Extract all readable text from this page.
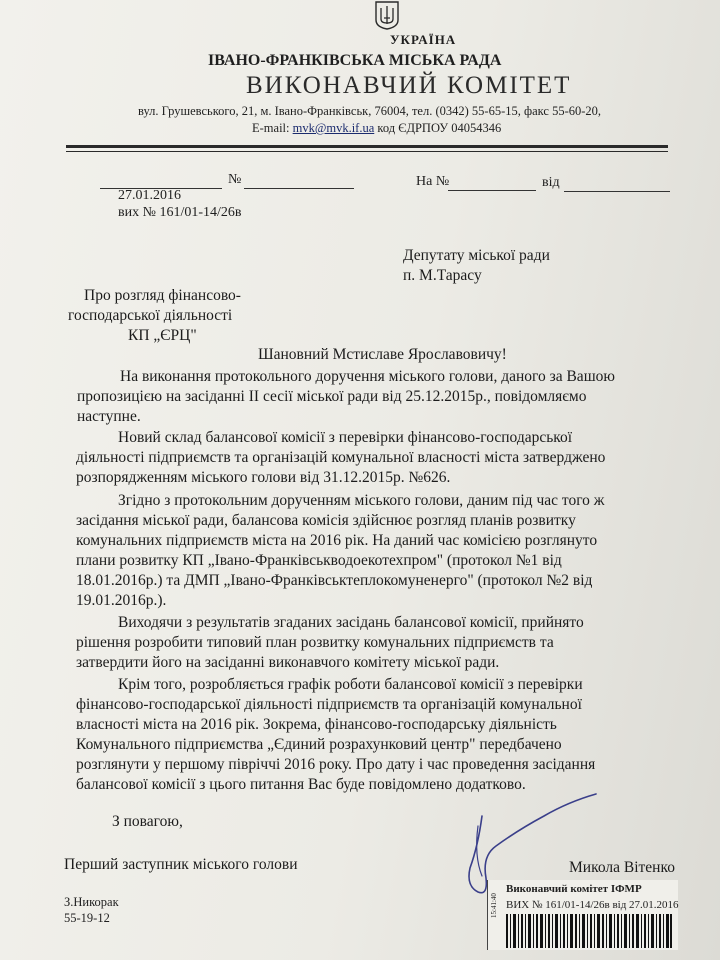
УКРАЇНА
ІВАНО-ФРАНКІВСЬКА МІСЬКА РАДА
ВИКОНАВЧИЙ КОМІТЕТ
вул. Грушевського, 21, м. Івано-Франківськ, 76004, тел. (0342) 55-65-15, факс 55-60-20,
E-mail: mvk@mvk.if.ua код ЄДРПОУ 04054346
№	На №	від
27.01.2016
вих № 161/01-14/26в
Депутату міської ради
п. М.Тарасу
Про розгляд фінансово-
господарської діяльності
КП „ЄРЦ"
Шановний Мстиславе Ярославовичу!
На виконання протокольного доручення міського голови, даного за Вашою
пропозицією на засіданні ІІ сесії міської ради від 25.12.2015р., повідомляємо
наступне.
Новий склад балансової комісії з перевірки фінансово-господарської
діяльності підприємств та організацій комунальної власності міста затверджено
розпорядженням міського голови від 31.12.2015р. №626.
Згідно з протокольним дорученням міського голови, даним під час того ж
засідання міської ради, балансова комісія здійснює розгляд планів розвитку
комунальних підприємств міста на 2016 рік. На даний час комісією розглянуто
плани розвитку КП „Івано-Франківськводоекотехпром" (протокол №1 від
18.01.2016р.) та ДМП „Івано-Франківськтеплокомуненерго" (протокол №2 від
19.01.2016р.).
Виходячи з результатів згаданих засідань балансової комісії, прийнято
рішення розробити типовий план розвитку комунальних підприємств та
затвердити його на засіданні виконавчого комітету міської ради.
Крім того, розробляється графік роботи балансової комісії з перевірки
фінансово-господарської діяльності підприємств та організацій комунальної
власності міста на 2016 рік. Зокрема, фінансово-господарську діяльність
Комунального підприємства „Єдиний розрахунковий центр" передбачено
розглянути у першому півріччі 2016 року. Про дату і час проведення засідання
балансової комісії з цього питання Вас буде повідомлено додатково.
З повагою,
Перший заступник міського голови	Микола Вітенко
З.Никорак
55-19-12
Виконавчий комітет ІФМР
ВИХ № 161/01-14/26в від 27.01.2016
15:41:40
